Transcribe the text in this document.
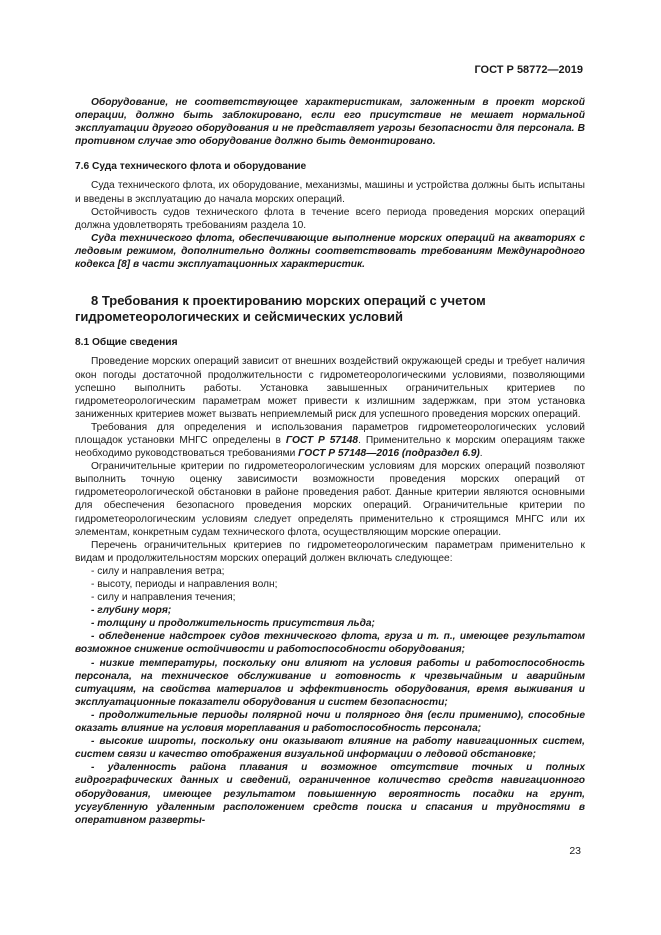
ГОСТ Р 58772—2019

Оборудование, не соответствующее характеристикам, заложенным в проект морской операции, должно быть заблокировано, если его присутствие не мешает нормальной эксплуатации другого оборудования и не представляет угрозы безопасности для персонала. В противном случае это оборудование должно быть демонтировано.

7.6 Суда технического флота и оборудование

Суда технического флота, их оборудование, механизмы, машины и устройства должны быть испытаны и введены в эксплуатацию до начала морских операций.

Остойчивость судов технического флота в течение всего периода проведения морских операций должна удовлетворять требованиям раздела 10.

Суда технического флота, обеспечивающие выполнение морских операций на акваториях с ледовым режимом, дополнительно должны соответствовать требованиям Международного кодекса [8] в части эксплуатационных характеристик.

8 Требования к проектированию морских операций с учетом гидрометеорологических и сейсмических условий

8.1 Общие сведения

Проведение морских операций зависит от внешних воздействий окружающей среды и требует наличия окон погоды достаточной продолжительности с гидрометеорологическими условиями, позволяющими успешно выполнить работы. Установка завышенных ограничительных критериев по гидрометеорологическим параметрам может привести к излишним задержкам, при этом установка заниженных критериев может вызвать неприемлемый риск для успешного проведения морских операций.

Требования для определения и использования параметров гидрометеорологических условий площадок установки МНГС определены в ГОСТ Р 57148. Применительно к морским операциям также необходимо руководствоваться требованиями ГОСТ Р 57148—2016 (подраздел 6.9).

Ограничительные критерии по гидрометеорологическим условиям для морских операций позволяют выполнить точную оценку зависимости возможности проведения морских операций от гидрометеорологической обстановки в районе проведения работ. Данные критерии являются основными для обеспечения безопасного проведения морских операций. Ограничительные критерии по гидрометеорологическим условиям следует определять применительно к строящимся МНГС или их элементам, конкретным судам технического флота, осуществляющим морские операции.

Перечень ограничительных критериев по гидрометеорологическим параметрам применительно к видам и продолжительностям морских операций должен включать следующее:

- силу и направления ветра;

- высоту, периоды и направления волн;

- силу и направления течения;

- глубину моря;

- толщину и продолжительность присутствия льда;

- обледенение надстроек судов технического флота, груза и т. п., имеющее результатом возможное снижение остойчивости и работоспособности оборудования;

- низкие температуры, поскольку они влияют на условия работы и работоспособность персонала, на техническое обслуживание и готовность к чрезвычайным и аварийным ситуациям, на свойства материалов и эффективность оборудования, время выживания и эксплуатационные показатели оборудования и систем безопасности;

- продолжительные периоды полярной ночи и полярного дня (если применимо), способные оказать влияние на условия мореплавания и работоспособность персонала;

- высокие широты, поскольку они оказывают влияние на работу навигационных систем, систем связи и качество отображения визуальной информации о ледовой обстановке;

- удаленность района плавания и возможное отсутствие точных и полных гидрографических данных и сведений, ограниченное количество средств навигационного оборудования, имеющее результатом повышенную вероятность посадки на грунт, усугубленную удаленным расположением средств поиска и спасания и трудностями в оперативном разверты-

23
